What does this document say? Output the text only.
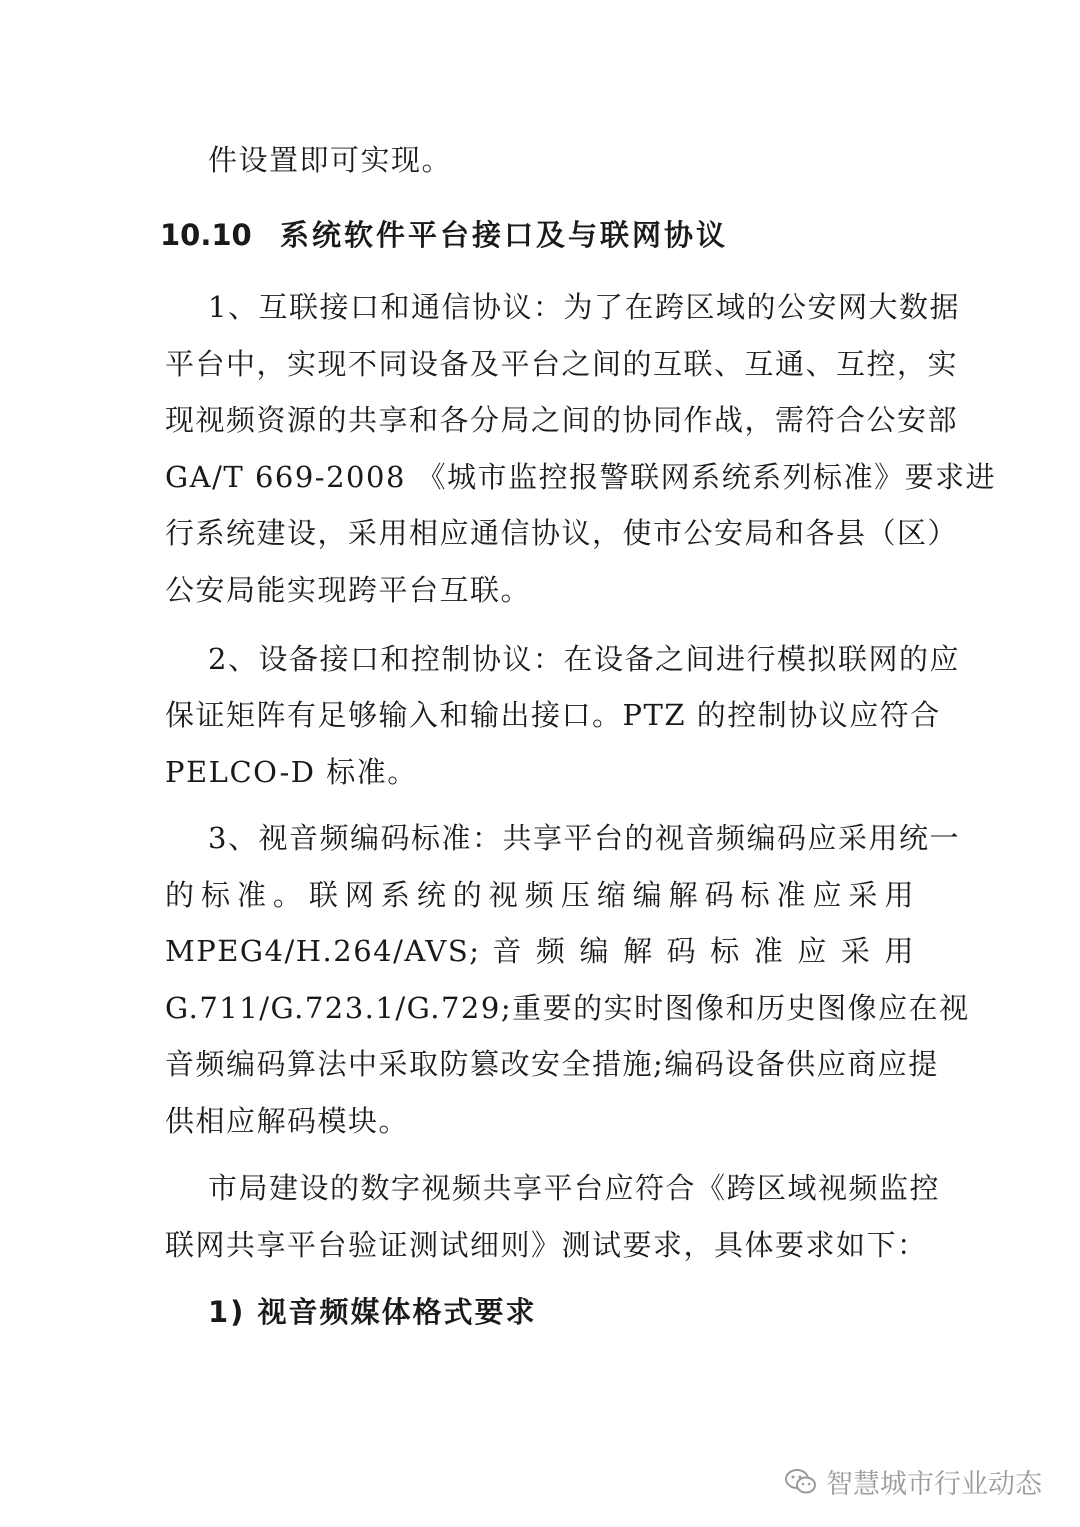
件设置即可实现。
10.10 系统软件平台接口及与联网协议
1、互联接口和通信协议：为了在跨区域的公安网大数据
平台中，实现不同设备及平台之间的互联、互通、互控，实
现视频资源的共享和各分局之间的协同作战，需符合公安部
GA/T 669-2008 《城市监控报警联网系统系列标准》要求进
行系统建设，采用相应通信协议，使市公安局和各县（区）
公安局能实现跨平台互联。
2、设备接口和控制协议：在设备之间进行模拟联网的应
保证矩阵有足够输入和输出接口。PTZ 的控制协议应符合
PELCO-D 标准。
3、视音频编码标准：共享平台的视音频编码应采用统一
的标准。联网系统的视频压缩编解码标准应采用
MPEG4/H.264/AVS; 音 频 编 解 码 标 准 应 采 用
G.711/G.723.1/G.729;重要的实时图像和历史图像应在视
音频编码算法中采取防篡改安全措施;编码设备供应商应提
供相应解码模块。
市局建设的数字视频共享平台应符合《跨区域视频监控
联网共享平台验证测试细则》测试要求，具体要求如下：
1) 视音频媒体格式要求
智慧城市行业动态
